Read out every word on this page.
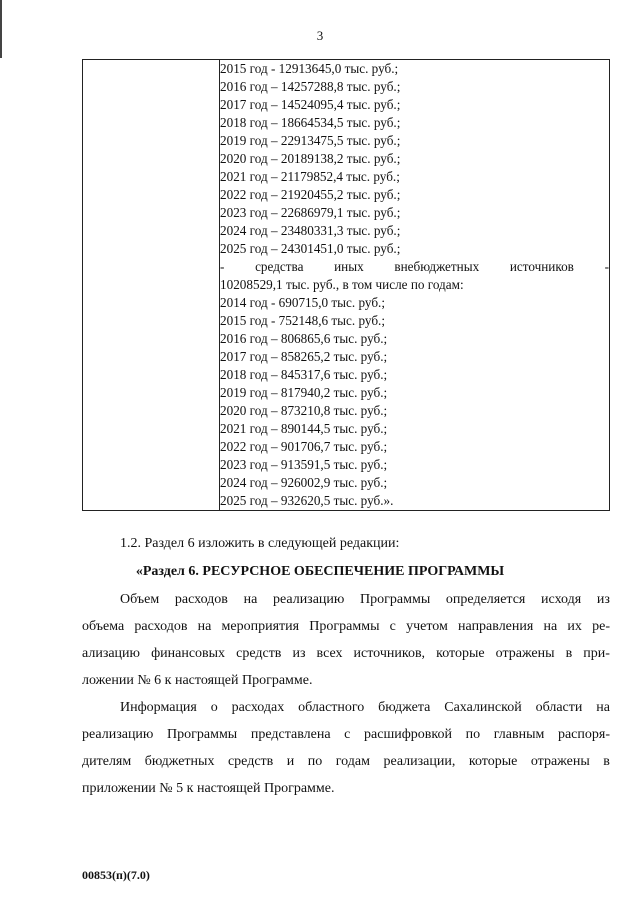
3

2015 год - 12913645,0 тыс. руб.;
2016 год – 14257288,8 тыс. руб.;
2017 год – 14524095,4 тыс. руб.;
2018 год – 18664534,5 тыс. руб.;
2019 год – 22913475,5 тыс. руб.;
2020 год – 20189138,2 тыс. руб.;
2021 год – 21179852,4 тыс. руб.;
2022 год – 21920455,2 тыс. руб.;
2023 год – 22686979,1 тыс. руб.;
2024 год – 23480331,3 тыс. руб.;
2025 год – 24301451,0 тыс. руб.;
- средства иных внебюджетных источников -
10208529,1 тыс. руб., в том числе по годам:
2014 год - 690715,0 тыс. руб.;
2015 год - 752148,6 тыс. руб.;
2016 год – 806865,6 тыс. руб.;
2017 год – 858265,2 тыс. руб.;
2018 год – 845317,6 тыс. руб.;
2019 год – 817940,2 тыс. руб.;
2020 год – 873210,8 тыс. руб.;
2021 год – 890144,5 тыс. руб.;
2022 год – 901706,7 тыс. руб.;
2023 год – 913591,5 тыс. руб.;
2024 год – 926002,9 тыс. руб.;
2025 год – 932620,5 тыс. руб.».
1.2. Раздел 6 изложить в следующей редакции:
«Раздел 6. РЕСУРСНОЕ ОБЕСПЕЧЕНИЕ ПРОГРАММЫ
Объем расходов на реализацию Программы определяется исходя из
объема расходов на мероприятия Программы с учетом направления на их ре-
ализацию финансовых средств из всех источников, которые отражены в при-
ложении № 6 к настоящей Программе.
Информация о расходах областного бюджета Сахалинской области на
реализацию Программы представлена с расшифровкой по главным распоря-
дителям бюджетных средств и по годам реализации, которые отражены в
приложении № 5 к настоящей Программе.
00853(п)(7.0)
